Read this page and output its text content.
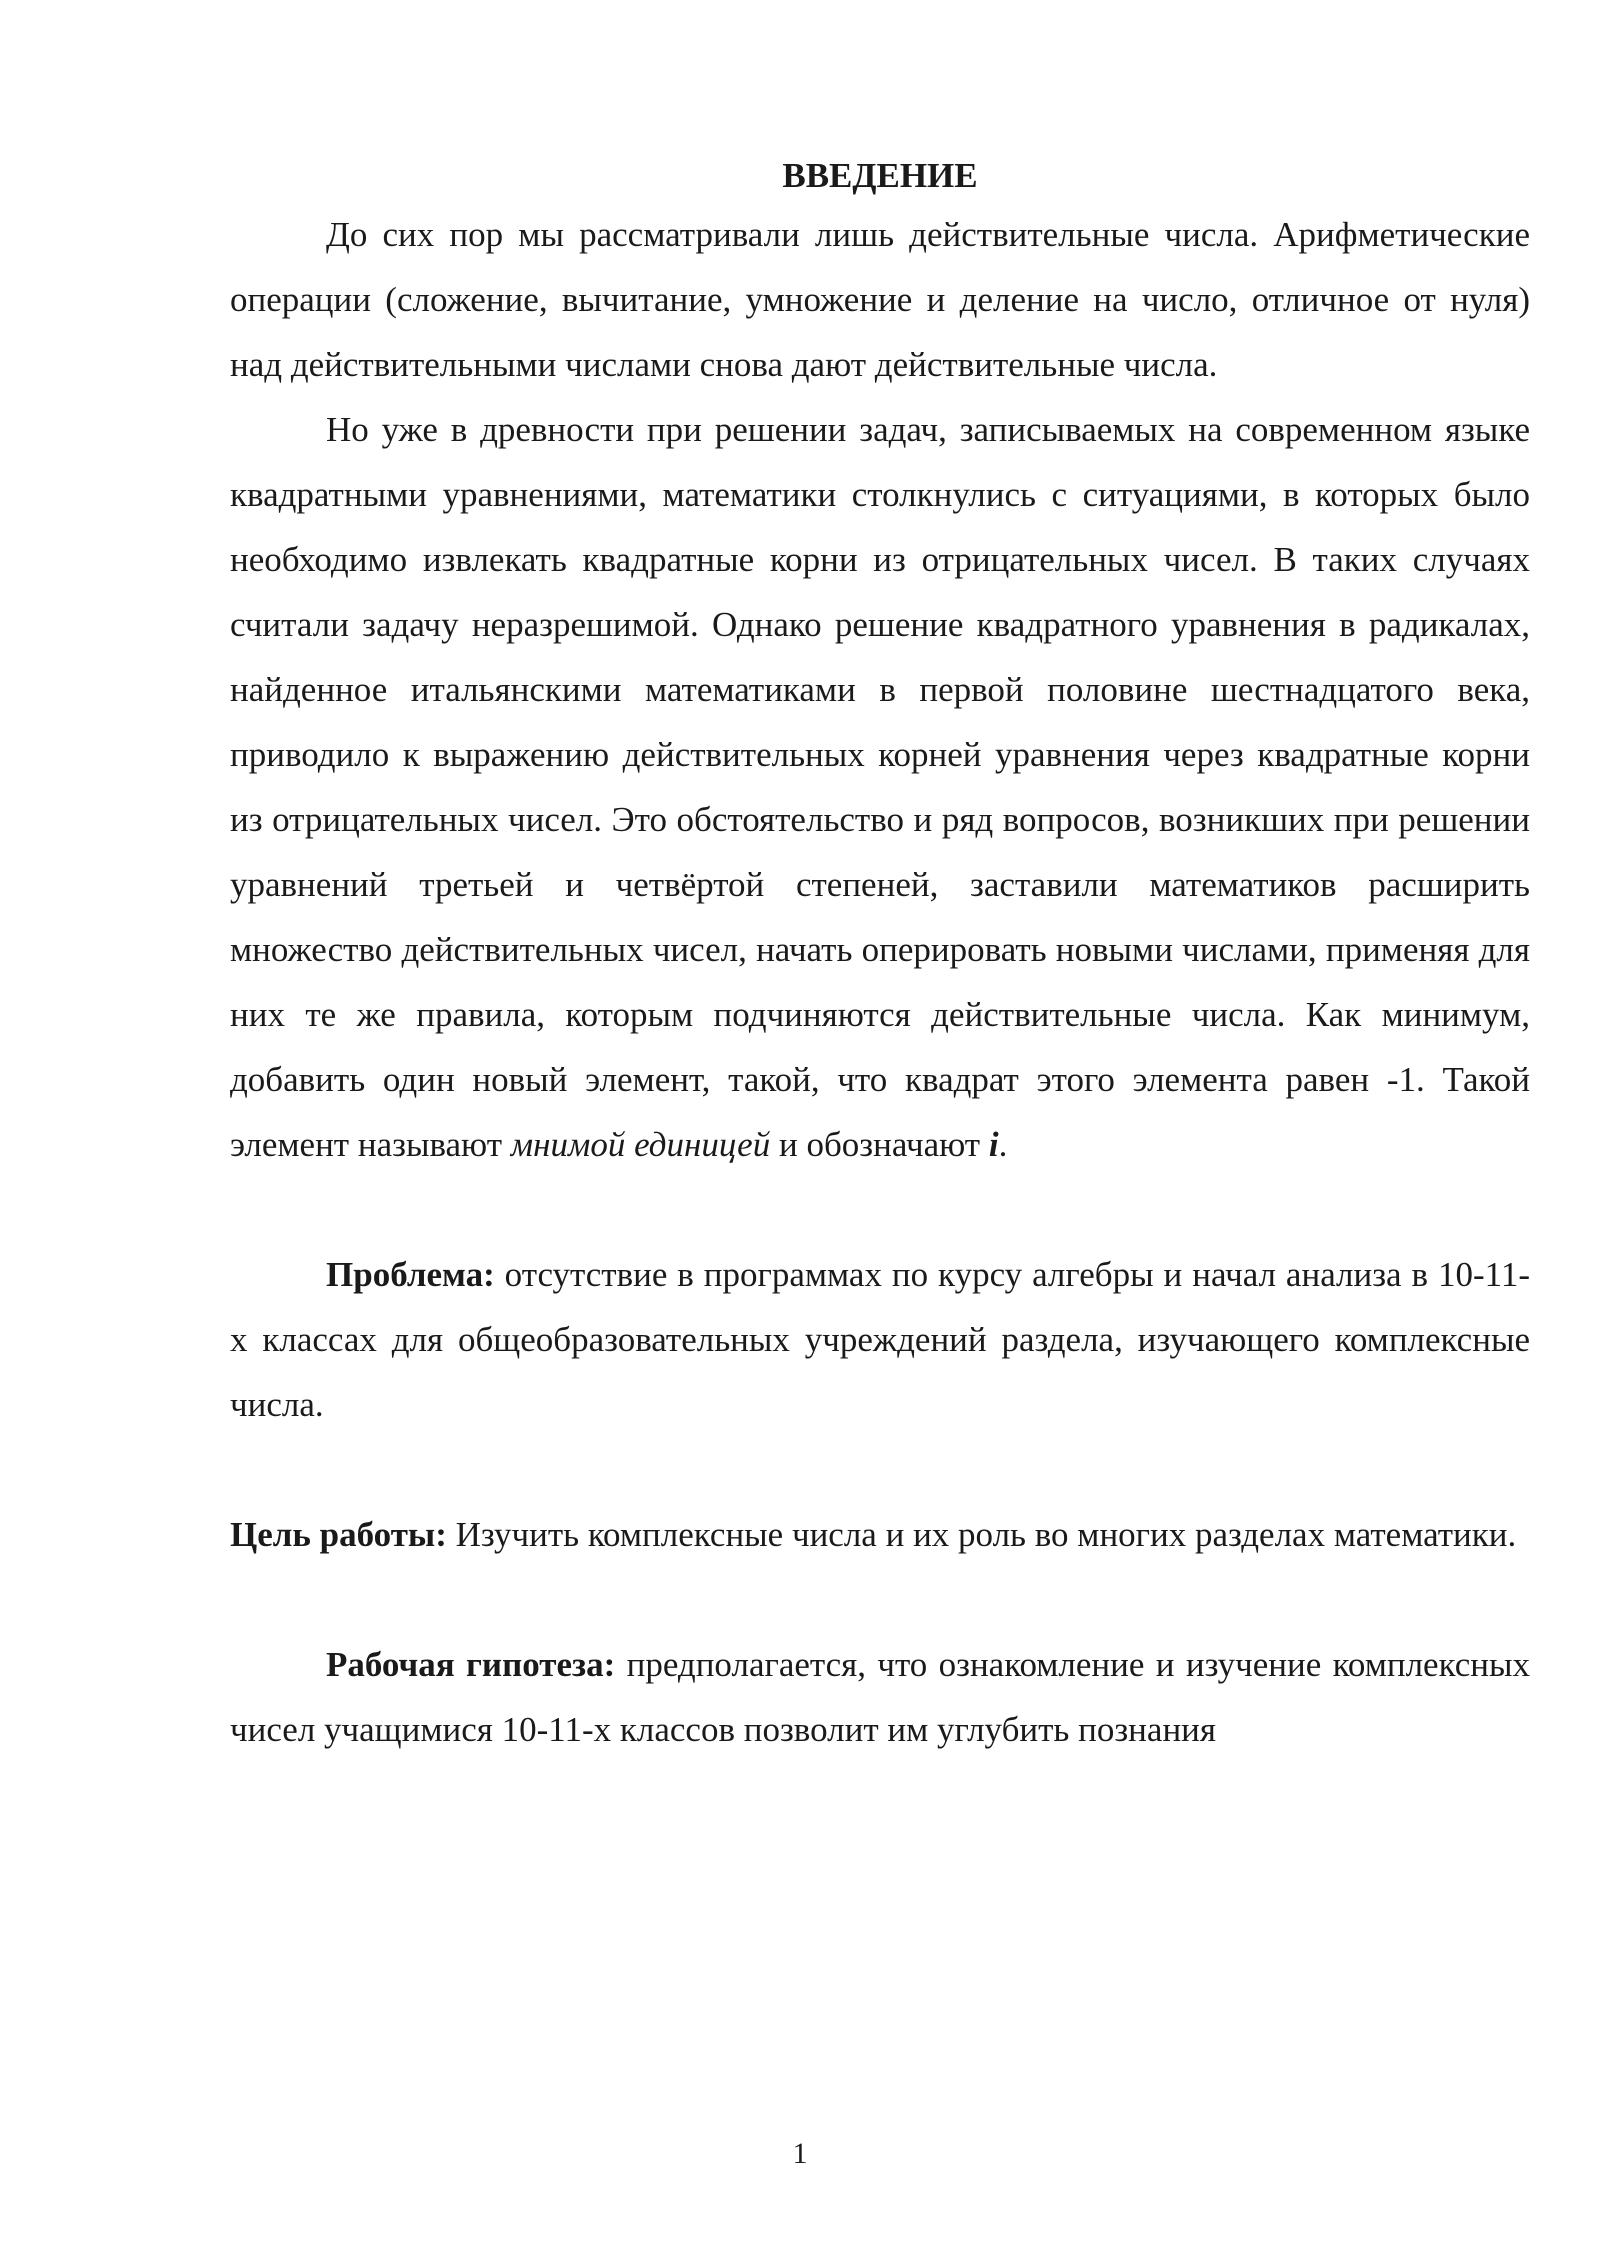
ВВЕДЕНИЕ

До сих пор мы рассматривали лишь действительные числа. Арифметические операции (сложение, вычитание, умножение и деление на число, отличное от нуля) над действительными числами снова дают действительные числа.

Но уже в древности при решении задач, записываемых на современном языке квадратными уравнениями, математики столкнулись с ситуациями, в которых было необходимо извлекать квадратные корни из отрицательных чисел. В таких случаях считали задачу неразрешимой. Однако решение квадратного уравнения в радикалах, найденное итальянскими математиками в первой половине шестнадцатого века, приводило к выражению действительных корней уравнения через квадратные корни из отрицательных чисел. Это обстоятельство и ряд вопросов, возникших при решении уравнений третьей и четвёртой степеней, заставили математиков расширить множество действительных чисел, начать оперировать новыми числами, применяя для них те же правила, которым подчиняются действительные числа. Как минимум, добавить один новый элемент, такой, что квадрат этого элемента равен -1. Такой элемент называют мнимой единицей и обозначают i.

Проблема: отсутствие в программах по курсу алгебры и начал анализа в 10-11-х классах для общеобразовательных учреждений раздела, изучающего комплексные числа.

Цель работы: Изучить комплексные числа и их роль во многих разделах математики.

Рабочая гипотеза: предполагается, что ознакомление и изучение комплексных чисел учащимися 10-11-х классов позволит им углубить познания

1
